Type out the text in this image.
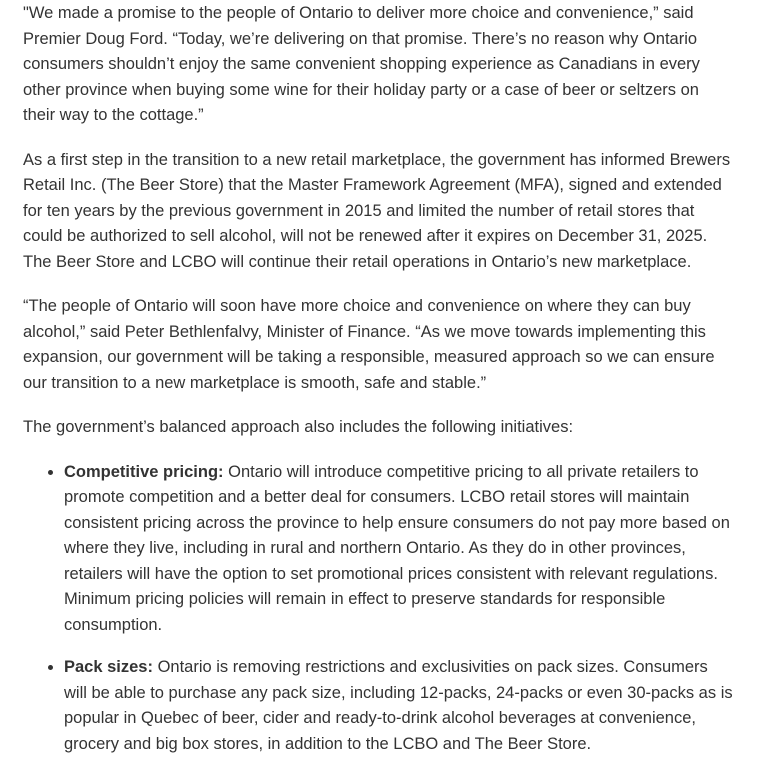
"We made a promise to the people of Ontario to deliver more choice and convenience,” said Premier Doug Ford. “Today, we’re delivering on that promise. There’s no reason why Ontario consumers shouldn’t enjoy the same convenient shopping experience as Canadians in every other province when buying some wine for their holiday party or a case of beer or seltzers on their way to the cottage.”

As a first step in the transition to a new retail marketplace, the government has informed Brewers Retail Inc. (The Beer Store) that the Master Framework Agreement (MFA), signed and extended for ten years by the previous government in 2015 and limited the number of retail stores that could be authorized to sell alcohol, will not be renewed after it expires on December 31, 2025. The Beer Store and LCBO will continue their retail operations in Ontario’s new marketplace.

“The people of Ontario will soon have more choice and convenience on where they can buy alcohol,” said Peter Bethlenfalvy, Minister of Finance. “As we move towards implementing this expansion, our government will be taking a responsible, measured approach so we can ensure our transition to a new marketplace is smooth, safe and stable.”

The government’s balanced approach also includes the following initiatives:

• Competitive pricing: Ontario will introduce competitive pricing to all private retailers to promote competition and a better deal for consumers. LCBO retail stores will maintain consistent pricing across the province to help ensure consumers do not pay more based on where they live, including in rural and northern Ontario. As they do in other provinces, retailers will have the option to set promotional prices consistent with relevant regulations. Minimum pricing policies will remain in effect to preserve standards for responsible consumption.
• Pack sizes: Ontario is removing restrictions and exclusivities on pack sizes. Consumers will be able to purchase any pack size, including 12-packs, 24-packs or even 30-packs as is popular in Quebec of beer, cider and ready-to-drink alcohol beverages at convenience, grocery and big box stores, in addition to the LCBO and The Beer Store.
